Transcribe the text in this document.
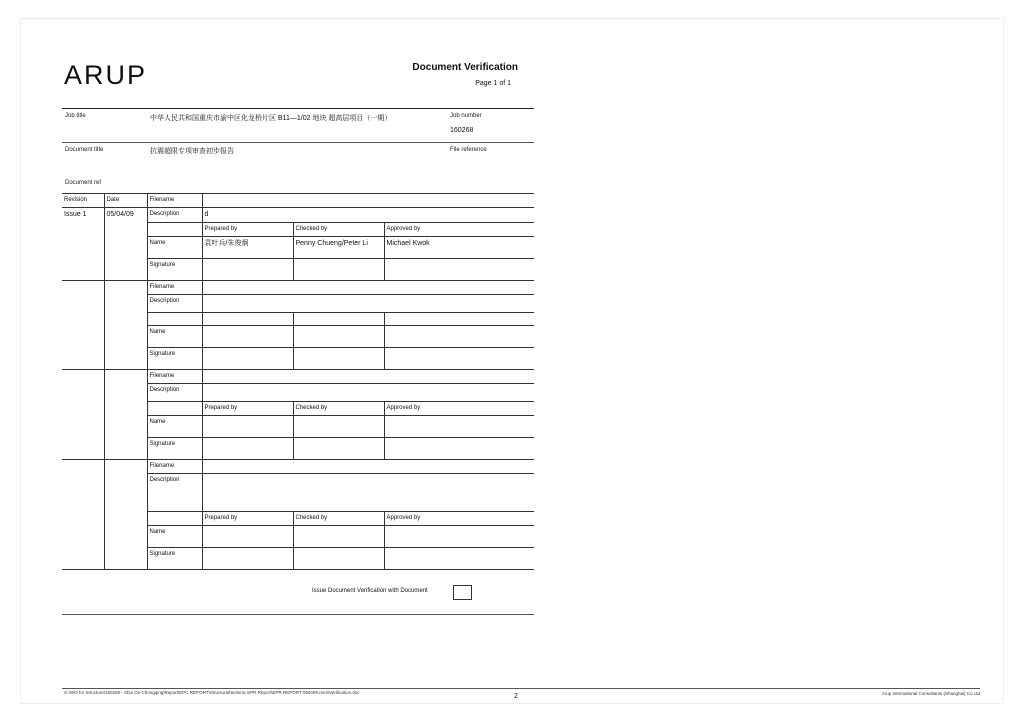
ARUP	Document Verification
Page 1 of 1
Job title	中华人民共和国重庆市渝中区化龙桥片区 B11—1/02 地块 超高层项目（一期）	Job number
160268
Document title	抗震超限专项审查初步报告	File reference
Document ref
Revision	Date	Filename			
Issue 1	05/04/09	Description	d		
			Prepared by	Checked by	Approved by
		Name	袁叶兵/朱俊炯	Penny Chueng/Peter Li	Michael Kwok
		Signature			
		Filename			
		Description			

		Name			
		Signature			
		Filename			
		Description			
			Prepared by	Checked by	Approved by
		Name			
		Signature			
		Filename			
		Description			
			Prepared by	Checked by	Approved by
		Name			
		Signature			
Issue Document Verification with Document
G:\WO for Structure\160268 - Shui On Chongqing\Report\EPC REPORT\Structural\Seismic EPR Report\EPR REPORT 050409.rev4\Verification.doc
2	Arup International Consultants (Shanghai) Co Ltd
